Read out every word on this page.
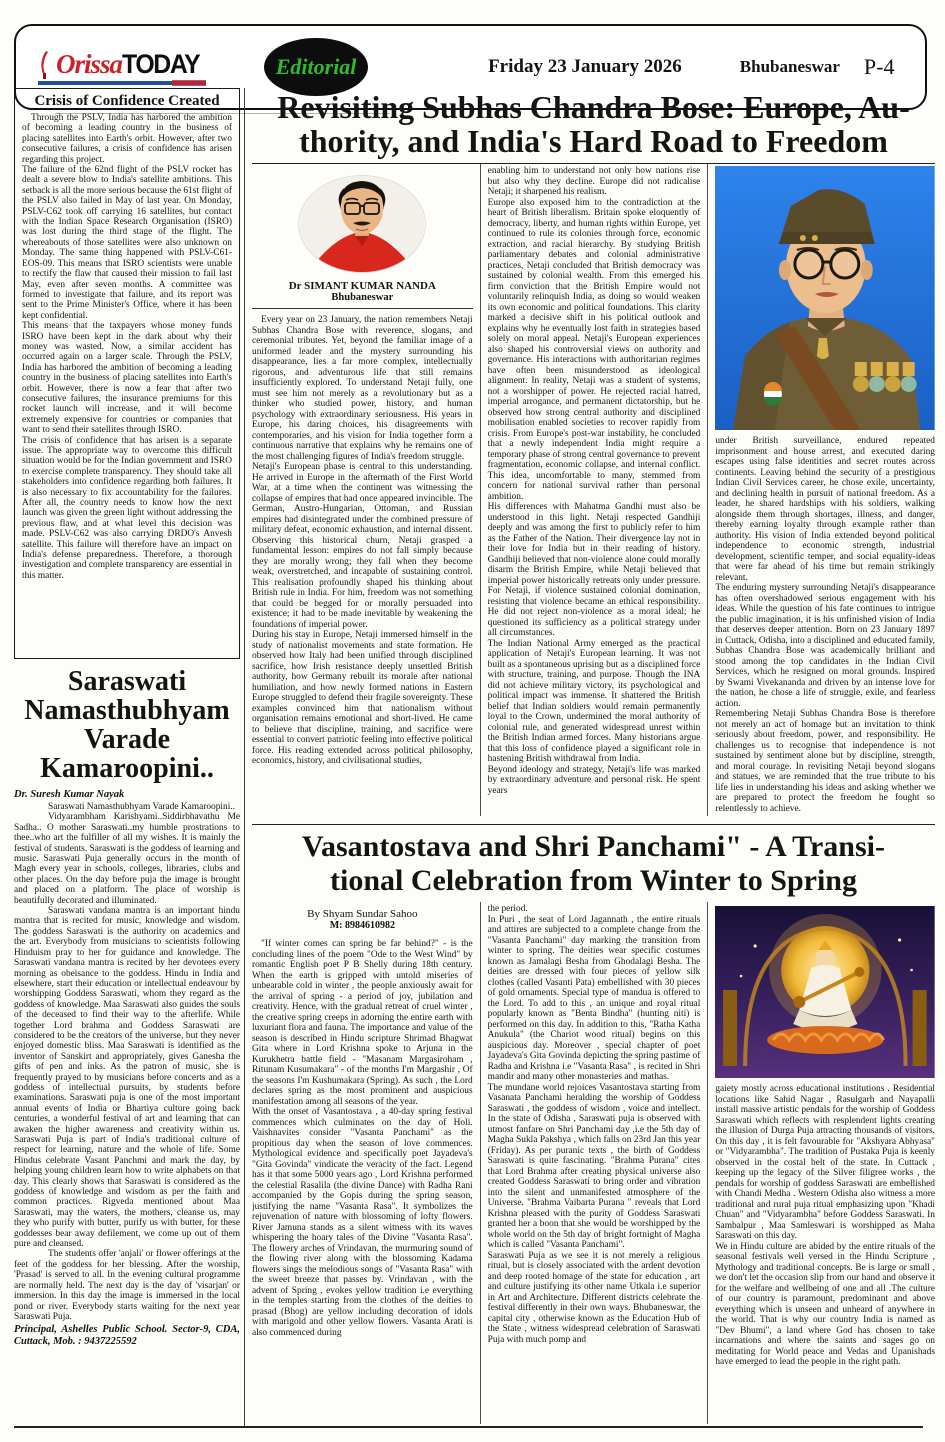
Orissa TODAY	Editorial	Friday 23 January 2026	Bhubaneswar P-4
Crisis of Confidence Created

Through the PSLV, India has harbored the ambition of becoming a leading country in the business of placing satellites into Earth's orbit. However, after two consecutive failures, a crisis of confidence has arisen regarding this project.

The failure of the 62nd flight of the PSLV rocket has dealt a severe blow to India's satellite ambitions. This setback is all the more serious because the 61st flight of the PSLV also failed in May of last year. On Monday, PSLV-C62 took off carrying 16 satellites, but contact with the Indian Space Research Organisation (ISRO) was lost during the third stage of the flight. The whereabouts of those satellites were also unknown on Monday. The same thing happened with PSLV-C61-EOS-09. This means that ISRO scientists were unable to rectify the flaw that caused their mission to fail last May, even after seven months. A committee was formed to investigate that failure, and its report was sent to the Prime Minister's Office, where it has been kept confidential.

This means that the taxpayers whose money funds ISRO have been kept in the dark about why their money was wasted. Now, a similar accident has occurred again on a larger scale. Through the PSLV, India has harbored the ambition of becoming a leading country in the business of placing satellites into Earth's orbit. However, there is now a fear that after two consecutive failures, the insurance premiums for this rocket launch will increase, and it will become extremely expensive for countries or companies that want to send their satellites through ISRO.

The crisis of confidence that has arisen is a separate issue. The appropriate way to overcome this difficult situation would be for the Indian government and ISRO to exercise complete transparency. They should take all stakeholders into confidence regarding both failures. It is also necessary to fix accountability for the failures. After all, the country needs to know how the next launch was given the green light without addressing the previous flaw, and at what level this decision was made. PSLV-C62 was also carrying DRDO's Anvesh satellite. This failure will therefore have an impact on India's defense preparedness. Therefore, a thorough investigation and complete transparency are essential in this matter.

Saraswati
Namasthubhyam
Varade
Kamaroopini..

Dr. Suresh Kumar Nayak

Saraswati Namasthubhyam Varade Kamaroopini..

Vidyarambham Karishyami..Siddirbhavathu Me Sadha.. O mother Saraswati..my humble prostrations to thee..who art the fulfiller of all my wishes. It is mainly the festival of students. Saraswati is the goddess of learning and music. Saraswati Puja generally occurs in the month of Magh every year in schools, colleges, libraries, clubs and other places. On the day before puja the image is brought and placed on a platform. The place of worship is beautifully decorated and illuminated.

Saraswati vandana mantra is an important hindu mantra that is recited for music, knowledge and wisdom. The goddess Saraswati is the authority on academics and the art. Everybody from musicians to scientists following Hinduism pray to her for guidance and knowledge. The Saraswati vandana mantra is recited by her devotees every morning as obeisance to the goddess. Hindu in India and elsewhere, start their education or intellectual endeavour by worshipping Goddess Saraswati, whom they regard as the goddess of knowledge. Maa Saraswati also guides the souls of the deceased to find their way to the afterlife. While together Lord brahma and Goddess Saraswati are considered to be the creators of the universe, but they never enjoyed domestic bliss. Maa Saraswati is identified as the inventor of Sanskirt and appropriately, gives Ganesha the gifts of pen and inks. As the patron of music, she is frequently prayed to by musicians before concerts and as a goddess of intellectual pursuits, by students before examinations. Saraswati puja is one of the most important annual events of India or Bhartiya culture going back centuries, a wonderful festival of art and learning that can awaken the higher awareness and creativity within us. Saraswati Puja is part of India's traditional culture of respect for learning, nature and the whole of life. Some Hindus celebrate Vasant Panchmi and mark the day, by helping young children learn how to write alphabets on that day. This clearly shows that Saraswati is considered as the goddess of knowledge and wisdom as per the faith and common practices. Rigveda mentioned about Maa Saraswati, may the waters, the mothers, cleanse us, may they who purify with butter, purify us with butter, for these goddesses bear away defilement, we come up out of them pure and cleansed.

The students offer 'anjali' or flower offerings at the feet of the goddess for her blessing. After the worship, 'Prasad' is served to all. In the evening cultural programme are normally held. The next day is the day of 'visarjan' or immersion. In this day the image is immersed in the local pond or river. Everybody starts waiting for the next year Saraswati Puja.

Principal, Ashelles Public School. Sector-9, CDA, Cuttack, Mob. : 9437225592

Revisiting Subhas Chandra Bose: Europe, Au-
thority, and India's Hard Road to Freedom
Dr SIMANT KUMAR NANDA
Bhubaneswar

Every year on 23 January, the nation remembers Netaji Subhas Chandra Bose with reverence, slogans, and ceremonial tributes. Yet, beyond the familiar image of a uniformed leader and the mystery surrounding his disappearance, lies a far more complex, intellectually rigorous, and adventurous life that still remains insufficiently explored. To understand Netaji fully, one must see him not merely as a revolutionary but as a thinker who studied power, history, and human psychology with extraordinary seriousness. His years in Europe, his daring choices, his disagreements with contemporaries, and his vision for India together form a continuous narrative that explains why he remains one of the most challenging figures of India's freedom struggle.

Netaji's European phase is central to this understanding. He arrived in Europe in the aftermath of the First World War, at a time when the continent was witnessing the collapse of empires that had once appeared invincible. The German, Austro-Hungarian, Ottoman, and Russian empires had disintegrated under the combined pressure of military defeat, economic exhaustion, and internal dissent. Observing this historical churn, Netaji grasped a fundamental lesson: empires do not fall simply because they are morally wrong; they fall when they become weak, overstretched, and incapable of sustaining control. This realisation profoundly shaped his thinking about British rule in India. For him, freedom was not something that could be begged for or morally persuaded into existence; it had to be made inevitable by weakening the foundations of imperial power.

During his stay in Europe, Netaji immersed himself in the study of nationalist movements and state formation. He observed how Italy had been unified through disciplined sacrifice, how Irish resistance deeply unsettled British authority, how Germany rebuilt its morale after national humiliation, and how newly formed nations in Eastern Europe struggled to defend their fragile sovereignty. These examples convinced him that nationalism without organisation remains emotional and short-lived. He came to believe that discipline, training, and sacrifice were essential to convert patriotic feeling into effective political force. His reading extended across political philosophy, economics, history, and civilisational studies,

enabling him to understand not only how nations rise but also why they decline. Europe did not radicalise Netaji; it sharpened his realism.

Europe also exposed him to the contradiction at the heart of British liberalism. Britain spoke eloquently of democracy, liberty, and human rights within Europe, yet continued to rule its colonies through force, economic extraction, and racial hierarchy. By studying British parliamentary debates and colonial administrative practices, Netaji concluded that British democracy was sustained by colonial wealth. From this emerged his firm conviction that the British Empire would not voluntarily relinquish India, as doing so would weaken its own economic and political foundations. This clarity marked a decisive shift in his political outlook and explains why he eventually lost faith in strategies based solely on moral appeal. Netaji's European experiences also shaped his controversial views on authority and governance. His interactions with authoritarian regimes have often been misunderstood as ideological alignment. In reality, Netaji was a student of systems, not a worshipper of power. He rejected racial hatred, imperial arrogance, and permanent dictatorship, but he observed how strong central authority and disciplined mobilisation enabled societies to recover rapidly from crisis. From Europe's post-war instability, he concluded that a newly independent India might require a temporary phase of strong central governance to prevent fragmentation, economic collapse, and internal conflict. This idea, uncomfortable to many, stemmed from concern for national survival rather than personal ambition.

His differences with Mahatma Gandhi must also be understood in this light. Netaji respected Gandhiji deeply and was among the first to publicly refer to him as the Father of the Nation. Their divergence lay not in their love for India but in their reading of history. Gandhiji believed that non-violence alone could morally disarm the British Empire, while Netaji believed that imperial power historically retreats only under pressure. For Netaji, if violence sustained colonial domination, resisting that violence became an ethical responsibility. He did not reject non-violence as a moral ideal; he questioned its sufficiency as a political strategy under all circumstances.

The Indian National Army emerged as the practical application of Netaji's European learning. It was not built as a spontaneous uprising but as a disciplined force with structure, training, and purpose. Though the INA did not achieve military victory, its psychological and political impact was immense. It shattered the British belief that Indian soldiers would remain permanently loyal to the Crown, undermined the moral authority of colonial rule, and generated widespread unrest within the British Indian armed forces. Many historians argue that this loss of confidence played a significant role in hastening British withdrawal from India.

Beyond ideology and strategy, Netaji's life was marked by extraordinary adventure and personal risk. He spent years

under British surveillance, endured repeated imprisonment and house arrest, and executed daring escapes using false identities and secret routes across continents. Leaving behind the security of a prestigious Indian Civil Services career, he chose exile, uncertainty, and declining health in pursuit of national freedom. As a leader, he shared hardships with his soldiers, walking alongside them through shortages, illness, and danger, thereby earning loyalty through example rather than authority. His vision of India extended beyond political independence to economic strength, industrial development, scientific temper, and social equality-ideas that were far ahead of his time but remain strikingly relevant.

The enduring mystery surrounding Netaji's disappearance has often overshadowed serious engagement with his ideas. While the question of his fate continues to intrigue the public imagination, it is his unfinished vision of India that deserves deeper attention. Born on 23 January 1897 in Cuttack, Odisha, into a disciplined and educated family, Subhas Chandra Bose was academically brilliant and stood among the top candidates in the Indian Civil Services, which he resigned on moral grounds. Inspired by Swami Vivekananda and driven by an intense love for the nation, he chose a life of struggle, exile, and fearless action.

Remembering Netaji Subhas Chandra Bose is therefore not merely an act of homage but an invitation to think seriously about freedom, power, and responsibility. He challenges us to recognise that independence is not sustained by sentiment alone but by discipline, strength, and moral courage. In revisiting Netaji beyond slogans and statues, we are reminded that the true tribute to his life lies in understanding his ideas and asking whether we are prepared to protect the freedom he fought so relentlessly to achieve.

Vasantostava and Shri Panchami" - A Transi-
tional Celebration from Winter to Spring
By Shyam Sundar Sahoo
M: 8984610982

"If winter comes can spring be far behind?" - is the concluding lines of the poem "Ode to the West Wind" by romantic English poet P B Shelly during 18th century. When the earth is gripped with untold miseries of unbearable cold in winter , the people anxiously await for the arrival of spring - a period of joy, jubilation and creativity. Hence, with the gradual retreat of cruel winter , the creative spring creeps in adorning the entire earth with luxuriant flora and fauna. The importance and value of the season is described in Hindu scripture Shrimad Bhagwat Gita where in Lord Krishna spoke to Arjuna in the Kurukhetra battle field - "Masanam Margasiroham , Ritunam Kusumakara" - of the months I'm Margashir , Of the seasons I'm Kushumakara (Spring). As such , the Lord declares spring as the most prominent and auspicious manifestation among all seasons of the year.

With the onset of Vasantostava , a 40-day spring festival commences which culminates on the day of Holi. Vaishnavites consider "Vasanta Panchami" as the propitious day when the season of love commences. Mythological evidence and specifically poet Jayadeva's "Gita Govinda" vindicate the veracity of the fact. Legend has it that some 5000 years ago , Lord Krishna performed the celestial Rasalila (the divine Dance) with Radha Rani accompanied by the Gopis during the spring season, justifying the name "Vasanta Rasa". It symbolizes the rejuvenation of nature with blossoming of lofty flowers. River Jamuna stands as a silent witness with its waves whispering the hoary tales of the Divine "Vasanta Rasa". The flowery arches of Vrindavan, the murmuring sound of the flowing river along with the blossoming Kadama flowers sings the melodious songs of "Vasanta Rasa" with the sweet breeze that passes by. Vrindavan , with the advent of Spring , evokes yellow tradition i.e everything in the temples starting from the clothes of the deities to prasad (Bhog) are yellow including decoration of idols with marigold and other yellow flowers. Vasanta Arati is also commenced during

the period.

In Puri , the seat of Lord Jagannath , the entire rituals and attires are subjected to a complete change from the "Vasanta Panchami" day marking the transition from winter to spring. The deities wear specific costumes known as Jamalagi Besha from Ghodalagi Besha. The deities are dressed with four pieces of yellow silk clothes (called Vasanti Pata) embellished with 30 pieces of gold ornaments. Special type of mandua is offered to the Lord. To add to this , an unique and royal ritual popularly known as "Benta Bindha" (hunting niti) is performed on this day. In addition to this, "Ratha Katha Anukula" (the Chariot wood ritual) begins on this auspicious day. Moreover , special chapter of poet Jayadeva's Gita Govinda depicting the spring pastime of Radha and Krishna i.e "Vasanta Rasa" , is recited in Shri mandir and many other monasteries and mathas.

The mundane world rejoices Vasantostava starting from Vasanata Panchami heralding the worship of Goddess Saraswati , the goddess of wisdom , voice and intellect. In the state of Odisha , Saraswati puja is observed with utmost fanfare on Shri Panchami day ,i.e the 5th day of Magha Sukla Pakshya , which falls on 23rd Jan this year (Friday). As per puranic texts , the birth of Goddess Saraswati is quite fascinating. "Brahma Purana" cites that Lord Brahma after creating physical universe also created Goddess Saraswati to bring order and vibration into the silent and unmanifested atmosphere of the Universe. "Brahma Vaibarta Purana " reveals that Lord Krishna pleased with the purity of Goddess Saraswati granted her a boon that she would be worshipped by the whole world on the 5th day of bright fortnight of Magha which is called "Vasanta Panchami".

Saraswati Puja as we see it is not merely a religious ritual, but is closely associated with the ardent devotion and deep rooted homage of the state for education , art and culture justifying its other name Utkala i.e superior in Art and Architecture. Different districts celebrate the festival differently in their own ways. Bhubaneswar, the capital city , otherwise known as the Education Hub of the State , witness widespread celebration of Saraswati Puja with much pomp and

gaiety mostly across educational institutions . Residential locations like Sahid Nagar , Rasulgarh and Nayapalli install massive artistic pendals for the worship of Goddess Saraswati which reflects with resplendent lights creating the illusion of Durga Puja attracting thousands of visitors. On this day , it is felt favourable for "Akshyara Abhyasa" or "Vidyarambha". The tradition of Pustaka Puja is keenly observed in the costal belt of the state. In Cuttack , keeping up the legacy of the Silver filigree works , the pendals for worship of goddess Saraswati are embellished with Chandi Medha . Western Odisha also witness a more traditional and rural puja ritual emphasizing upon "Khadi Chuan" and "Vidyarambha" before Goddess Saraswati. In Sambalpur , Maa Samleswari is worshipped as Maha Saraswati on this day.

We in Hindu culture are abided by the entire rituals of the seasonal festivals well versed in the Hindu Scripture , Mythology and traditional concepts. Be is large or small , we don't let the occasion slip from our hand and observe it for the welfare and wellbeing of one and all .The culture of our country is paramount, predominant and above everything which is unseen and unheard of anywhere in the world. That is why our country India is named as "Dev Bhumi", a land where God has chosen to take incarnations and where the saints and sages go on meditating for World peace and Vedas and Upanishads have emerged to lead the people in the right path.
